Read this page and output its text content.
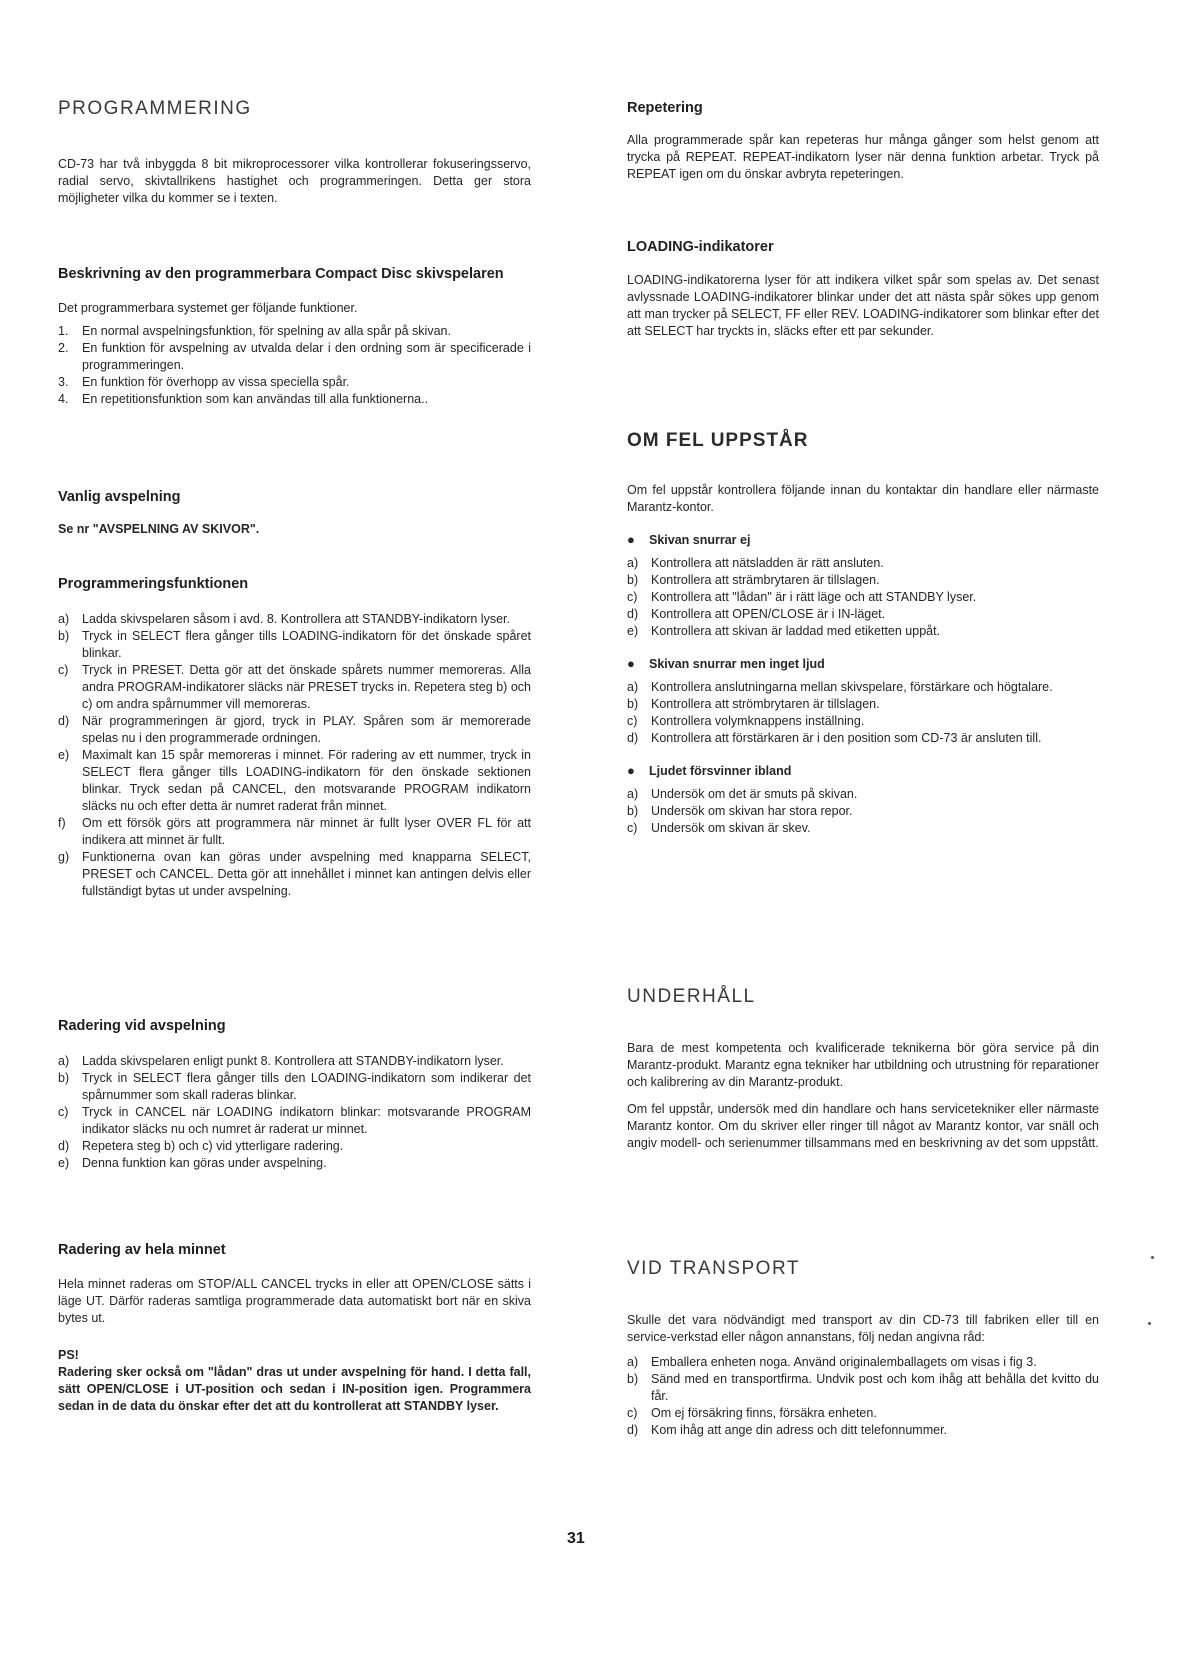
PROGRAMMERING

CD-73 har två inbyggda 8 bit mikroprocessorer vilka kontrollerar fokuseringsservo, radial servo, skivtallrikens hastighet och programmeringen. Detta ger stora möjligheter vilka du kommer se i texten.

Beskrivning av den programmerbara Compact Disc skivspelaren

Det programmerbara systemet ger följande funktioner.

1. En normal avspelningsfunktion, för spelning av alla spår på skivan.
2. En funktion för avspelning av utvalda delar i den ordning som är specificerade i programmeringen.
3. En funktion för överhopp av vissa speciella spår.
4. En repetitionsfunktion som kan användas till alla funktionerna..
Vanlig avspelning

Se nr "AVSPELNING AV SKIVOR".

Programmeringsfunktionen
a) Ladda skivspelaren såsom i avd. 8. Kontrollera att STANDBY-indikatorn lyser.
b) Tryck in SELECT flera gånger tills LOADING-indikatorn för det önskade spåret blinkar.
c) Tryck in PRESET. Detta gör att det önskade spårets nummer memoreras. Alla andra PROGRAM-indikatorer släcks när PRESET trycks in. Repetera steg b) och c) om andra spårnummer vill memoreras.
d) När programmeringen är gjord, tryck in PLAY. Spåren som är memorerade spelas nu i den programmerade ordningen.
e) Maximalt kan 15 spår memoreras i minnet. För radering av ett nummer, tryck in SELECT flera gånger tills LOADING-indikatorn för den önskade sektionen blinkar. Tryck sedan på CANCEL, den motsvarande PROGRAM indikatorn släcks nu och efter detta är numret raderat från minnet.
f) Om ett försök görs att programmera när minnet är fullt lyser OVER FL för att indikera att minnet är fullt.
g) Funktionerna ovan kan göras under avspelning med knapparna SELECT, PRESET och CANCEL. Detta gör att innehållet i minnet kan antingen delvis eller fullständigt bytas ut under avspelning.
Radering vid avspelning
a) Ladda skivspelaren enligt punkt 8. Kontrollera att STANDBY-indikatorn lyser.
b) Tryck in SELECT flera gånger tills den LOADING-indikatorn som indikerar det spårnummer som skall raderas blinkar.
c) Tryck in CANCEL när LOADING indikatorn blinkar: motsvarande PROGRAM indikator släcks nu och numret är raderat ur minnet.
d) Repetera steg b) och c) vid ytterligare radering.
e) Denna funktion kan göras under avspelning.
Radering av hela minnet

Hela minnet raderas om STOP/ALL CANCEL trycks in eller att OPEN/CLOSE sätts i läge UT. Därför raderas samtliga programmerade data automatiskt bort när en skiva bytes ut.

PS!

Radering sker också om "lådan" dras ut under avspelning för hand. I detta fall, sätt OPEN/CLOSE i UT-position och sedan i IN-position igen. Programmera sedan in de data du önskar efter det att du kontrollerat att STANDBY lyser.

Repetering

Alla programmerade spår kan repeteras hur många gånger som helst genom att trycka på REPEAT. REPEAT-indikatorn lyser när denna funktion arbetar. Tryck på REPEAT igen om du önskar avbryta repeteringen.

LOADING-indikatorer

LOADING-indikatorerna lyser för att indikera vilket spår som spelas av. Det senast avlyssnade LOADING-indikatorer blinkar under det att nästa spår sökes upp genom att man trycker på SELECT, FF eller REV. LOADING-indikatorer som blinkar efter det att SELECT har tryckts in, släcks efter ett par sekunder.

OM FEL UPPSTÅR

Om fel uppstår kontrollera följande innan du kontaktar din handlare eller närmaste Marantz-kontor.

● Skivan snurrar ej
a) Kontrollera att nätsladden är rätt ansluten.
b) Kontrollera att strämbrytaren är tillslagen.
c) Kontrollera att "lådan" är i rätt läge och att STANDBY lyser.
d) Kontrollera att OPEN/CLOSE är i IN-läget.
e) Kontrollera att skivan är laddad med etiketten uppåt.
● Skivan snurrar men inget ljud
a) Kontrollera anslutningarna mellan skivspelare, förstärkare och högtalare.
b) Kontrollera att strömbrytaren är tillslagen.
c) Kontrollera volymknappens inställning.
d) Kontrollera att förstärkaren är i den position som CD-73 är ansluten till.
● Ljudet försvinner ibland
a) Undersök om det är smuts på skivan.
b) Undersök om skivan har stora repor.
c) Undersök om skivan är skev.
UNDERHÅLL

Bara de mest kompetenta och kvalificerade teknikerna bör göra service på din Marantz-produkt. Marantz egna tekniker har utbildning och utrustning för reparationer och kalibrering av din Marantz-produkt.

Om fel uppstår, undersök med din handlare och hans servicetekniker eller närmaste Marantz kontor. Om du skriver eller ringer till något av Marantz kontor, var snäll och angiv modell- och serienummer tillsammans med en beskrivning av det som uppstått.

VID TRANSPORT

Skulle det vara nödvändigt med transport av din CD-73 till fabriken eller till en service-verkstad eller någon annanstans, följ nedan angivna råd:

a) Emballera enheten noga. Använd originalemballagets om visas i fig 3.
b) Sänd med en transportfirma. Undvik post och kom ihåg att behålla det kvitto du får.
c) Om ej försäkring finns, försäkra enheten.
d) Kom ihåg att ange din adress och ditt telefonnummer.
31
